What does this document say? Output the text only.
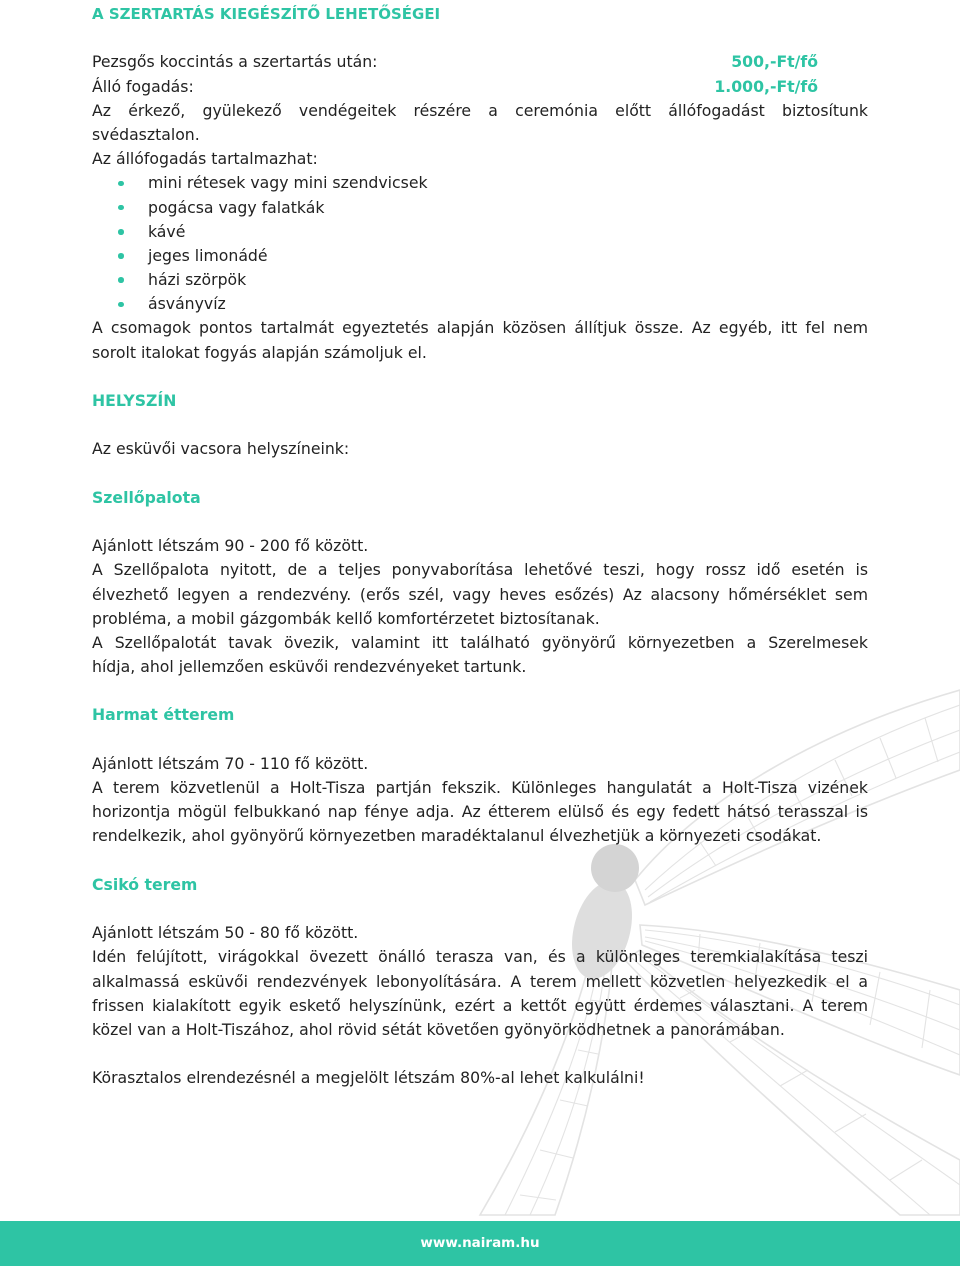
A SZERTARTÁS KIEGÉSZÍTŐ LEHETŐSÉGEI
Pezsgős koccintás a szertartás után:	500,-Ft/fő
Álló fogadás:	1.000,-Ft/fő
Az érkező, gyülekező vendégeitek részére a ceremónia előtt állófogadást biztosítunk
svédasztalon.
Az állófogadás tartalmazhat:
mini rétesek vagy mini szendvicsek
pogácsa vagy falatkák
kávé
jeges limonádé
házi szörpök
ásványvíz
A csomagok pontos tartalmát egyeztetés alapján közösen állítjuk össze. Az egyéb, itt fel nem
sorolt italokat fogyás alapján számoljuk el.
HELYSZÍN
Az esküvői vacsora helyszíneink:
Szellőpalota
Ajánlott létszám 90 - 200 fő között.
A Szellőpalota nyitott, de a teljes ponyvaborítása lehetővé teszi, hogy rossz idő esetén is
élvezhető legyen a rendezvény. (erős szél, vagy heves esőzés) Az alacsony hőmérséklet sem
probléma, a mobil gázgombák kellő komfortérzetet biztosítanak.
A Szellőpalotát tavak övezik, valamint itt található gyönyörű környezetben a Szerelmesek
hídja, ahol jellemzően esküvői rendezvényeket tartunk.
Harmat étterem
Ajánlott létszám 70 - 110 fő között.
A terem közvetlenül a Holt-Tisza partján fekszik. Különleges hangulatát a Holt-Tisza vizének
horizontja mögül felbukkanó nap fénye adja. Az étterem elülső és egy fedett hátsó terasszal is
rendelkezik, ahol gyönyörű környezetben maradéktalanul élvezhetjük a környezeti csodákat.
Csikó terem
Ajánlott létszám 50 - 80 fő között.
Idén felújított, virágokkal övezett önálló terasza van, és a különleges teremkialakítása teszi
alkalmassá esküvői rendezvények lebonyolítására. A terem mellett közvetlen helyezkedik el a
frissen kialakított egyik eskető helyszínünk, ezért a kettőt együtt érdemes választani. A terem
közel van a Holt-Tiszához, ahol rövid sétát követően gyönyörködhetnek a panorámában.
Körasztalos elrendezésnél a megjelölt létszám 80%-al lehet kalkulálni!
www.nairam.hu
